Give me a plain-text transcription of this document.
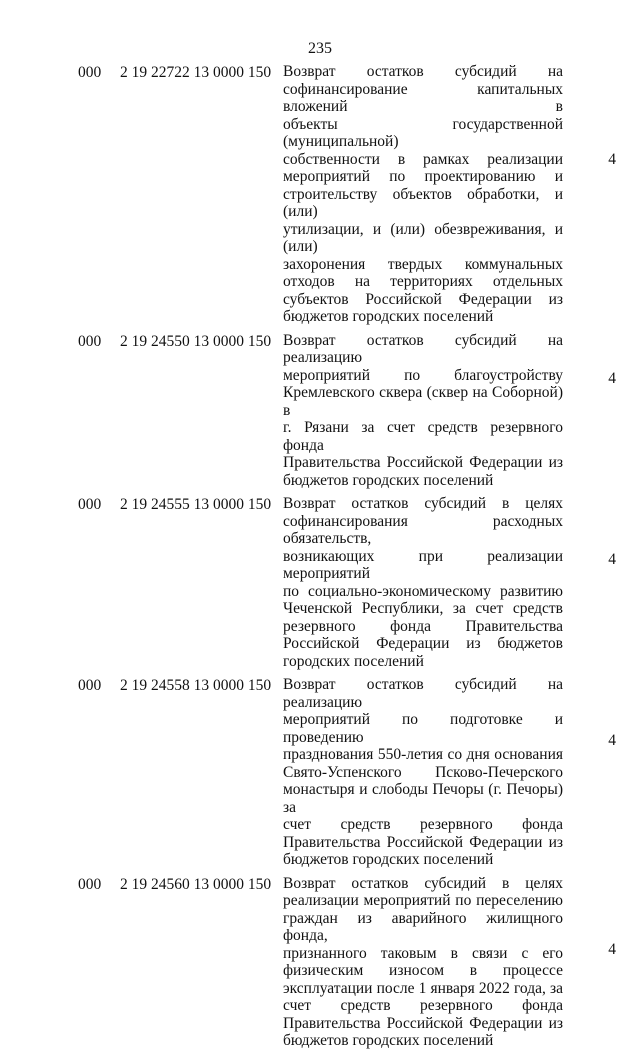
235
000	2 19 22722 13 0000 150 Возврат остатков субсидий на
софинансирование капитальных вложений в
объекты государственной (муниципальной)
собственности в рамках реализации
мероприятий по проектированию и
строительству объектов обработки, и (или)
утилизации, и (или) обезвреживания, и (или)
захоронения твердых коммунальных
отходов на территориях отдельных
субъектов Российской Федерации из
бюджетов городских поселений
4
000	2 19 24550 13 0000 150 Возврат остатков субсидий на реализацию
мероприятий по благоустройству
Кремлевского сквера (сквер на Соборной) в
г. Рязани за счет средств резервного фонда
Правительства Российской Федерации из
бюджетов городских поселений
4
000	2 19 24555 13 0000 150 Возврат остатков субсидий в целях
софинансирования расходных обязательств,
возникающих при реализации мероприятий
по социально-экономическому развитию
Чеченской Республики, за счет средств
резервного фонда Правительства
Российской Федерации из бюджетов
городских поселений
4
000	2 19 24558 13 0000 150 Возврат остатков субсидий на реализацию
мероприятий по подготовке и проведению
празднования 550-летия со дня основания
Свято-Успенского Псково-Печерского
монастыря и слободы Печоры (г. Печоры) за
счет средств резервного фонда
Правительства Российской Федерации из
бюджетов городских поселений
4
000	2 19 24560 13 0000 150 Возврат остатков субсидий в целях
реализации мероприятий по переселению
граждан из аварийного жилищного фонда,
признанного таковым в связи с его
физическим износом в процессе
эксплуатации после 1 января 2022 года, за
счет средств резервного фонда
Правительства Российской Федерации из
бюджетов городских поселений
4
